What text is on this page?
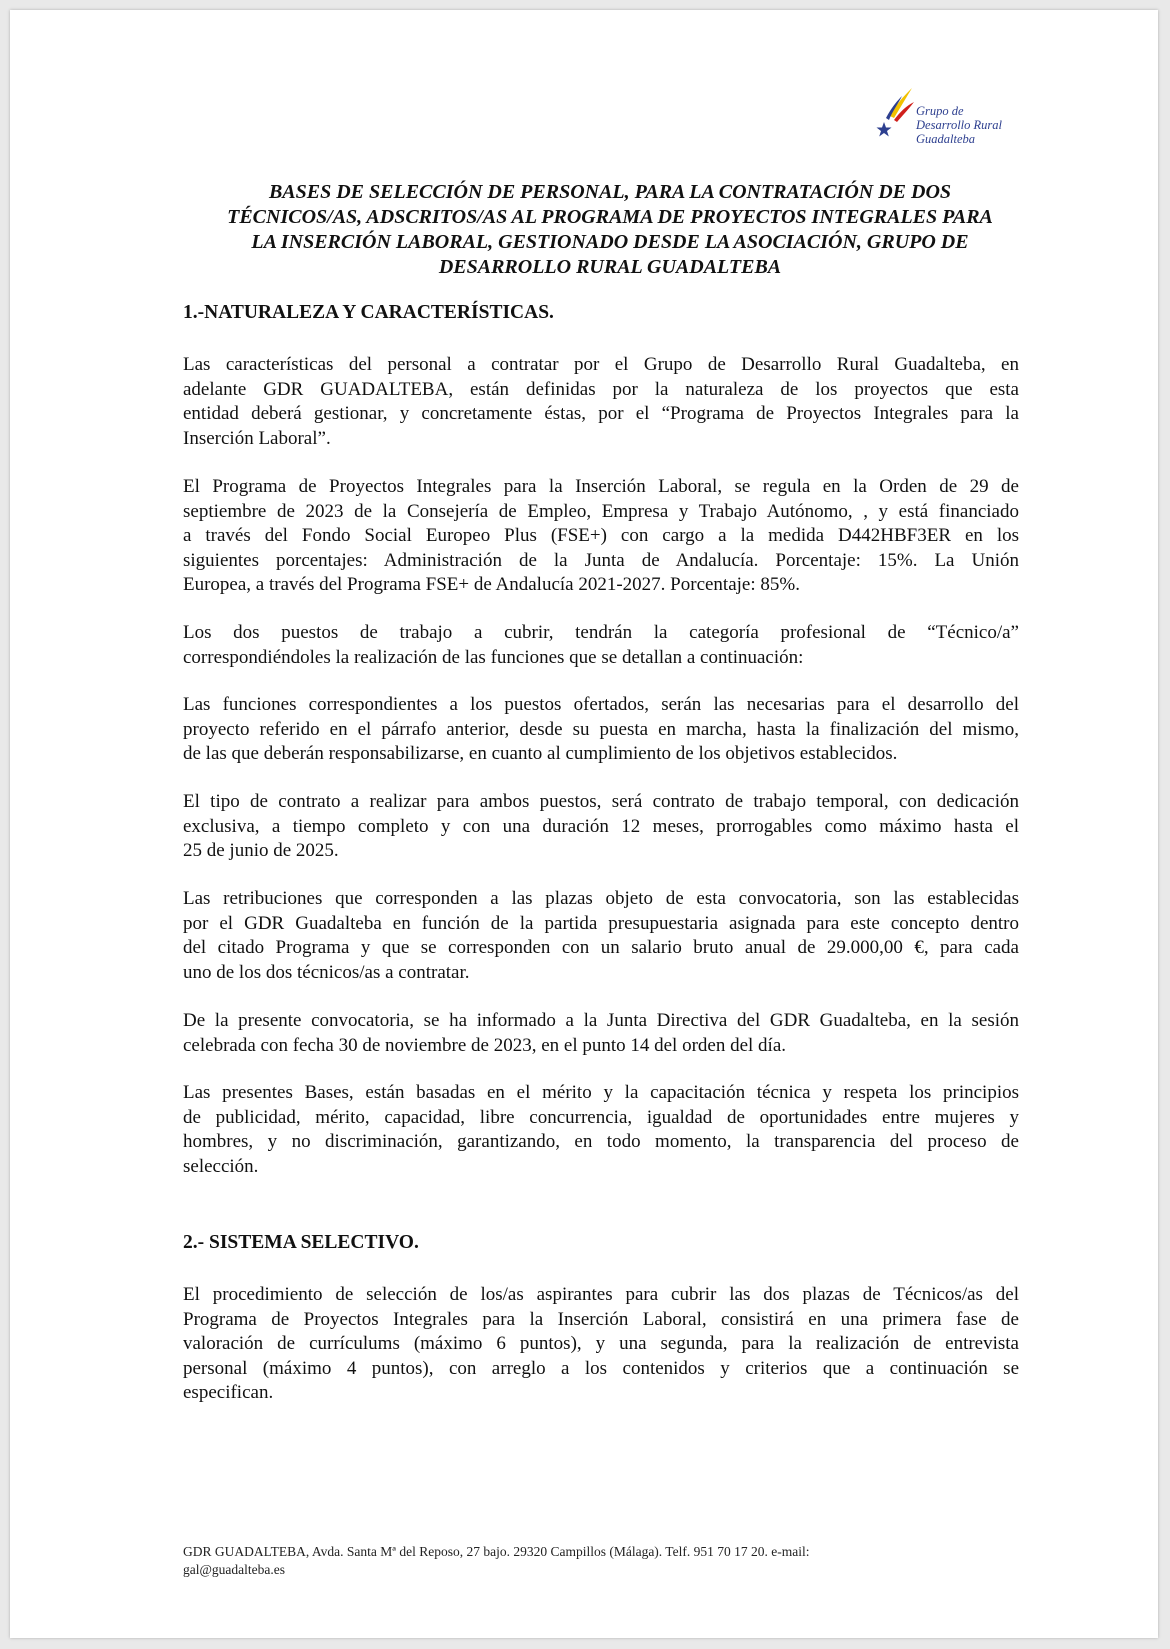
Grupo de
Desarrollo Rural
Guadalteba
BASES DE SELECCIÓN DE PERSONAL, PARA LA CONTRATACIÓN DE DOS
TÉCNICOS/AS, ADSCRITOS/AS AL PROGRAMA DE PROYECTOS INTEGRALES PARA
LA INSERCIÓN LABORAL, GESTIONADO DESDE LA ASOCIACIÓN, GRUPO DE
DESARROLLO RURAL GUADALTEBA
1.-NATURALEZA Y CARACTERÍSTICAS.
Las características del personal a contratar por el Grupo de Desarrollo Rural Guadalteba, en
adelante GDR GUADALTEBA, están definidas por la naturaleza de los proyectos que esta
entidad deberá gestionar, y concretamente éstas, por el “Programa de Proyectos Integrales para la
Inserción Laboral”.
El Programa de Proyectos Integrales para la Inserción Laboral, se regula en la Orden de 29 de
septiembre de 2023 de la Consejería de Empleo, Empresa y Trabajo Autónomo, , y está financiado
a través del Fondo Social Europeo Plus (FSE+) con cargo a la medida D442HBF3ER en los
siguientes porcentajes: Administración de la Junta de Andalucía. Porcentaje: 15%. La Unión
Europea, a través del Programa FSE+ de Andalucía 2021-2027. Porcentaje: 85%.
Los dos puestos de trabajo a cubrir, tendrán la categoría profesional de “Técnico/a”
correspondiéndoles la realización de las funciones que se detallan a continuación:
Las funciones correspondientes a los puestos ofertados, serán las necesarias para el desarrollo del
proyecto referido en el párrafo anterior, desde su puesta en marcha, hasta la finalización del mismo,
de las que deberán responsabilizarse, en cuanto al cumplimiento de los objetivos establecidos.
El tipo de contrato a realizar para ambos puestos, será contrato de trabajo temporal, con dedicación
exclusiva, a tiempo completo y con una duración 12 meses, prorrogables como máximo hasta el
25 de junio de 2025.
Las retribuciones que corresponden a las plazas objeto de esta convocatoria, son las establecidas
por el GDR Guadalteba en función de la partida presupuestaria asignada para este concepto dentro
del citado Programa y que se corresponden con un salario bruto anual de 29.000,00 €, para cada
uno de los dos técnicos/as a contratar.
De la presente convocatoria, se ha informado a la Junta Directiva del GDR Guadalteba, en la sesión
celebrada con fecha 30 de noviembre de 2023, en el punto 14 del orden del día.
Las presentes Bases, están basadas en el mérito y la capacitación técnica y respeta los principios
de publicidad, mérito, capacidad, libre concurrencia, igualdad de oportunidades entre mujeres y
hombres, y no discriminación, garantizando, en todo momento, la transparencia del proceso de
selección.
2.- SISTEMA SELECTIVO.
El procedimiento de selección de los/as aspirantes para cubrir las dos plazas de Técnicos/as del
Programa de Proyectos Integrales para la Inserción Laboral, consistirá en una primera fase de
valoración de currículums (máximo 6 puntos), y una segunda, para la realización de entrevista
personal (máximo 4 puntos), con arreglo a los contenidos y criterios que a continuación se
especifican.
GDR GUADALTEBA, Avda. Santa Mª del Reposo, 27 bajo. 29320 Campillos (Málaga). Telf. 951 70 17 20. e-mail:
gal@guadalteba.es
